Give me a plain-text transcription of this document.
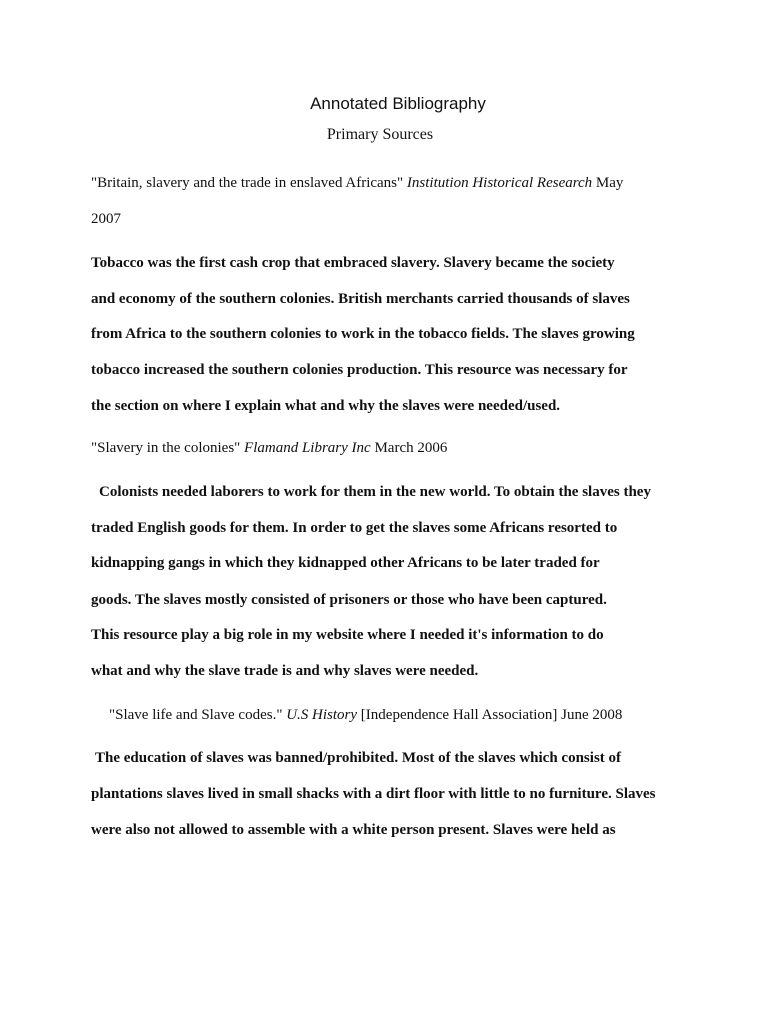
Annotated Bibliography
Primary Sources
"Britain, slavery and the trade in enslaved Africans" Institution Historical Research May
2007
Tobacco was the first cash crop that embraced slavery. Slavery became the society
and economy of the southern colonies. British merchants carried thousands of slaves
from Africa to the southern colonies to work in the tobacco fields. The slaves growing
tobacco increased the southern colonies production. This resource was necessary for
the section on where I explain what and why the slaves were needed/used.
"Slavery in the colonies" Flamand Library Inc March 2006
Colonists needed laborers to work for them in the new world. To obtain the slaves they
traded English goods for them. In order to get the slaves some Africans resorted to
kidnapping gangs in which they kidnapped other Africans to be later traded for
goods. The slaves mostly consisted of prisoners or those who have been captured.
This resource play a big role in my website where I needed it's information to do
what and why the slave trade is and why slaves were needed.
"Slave life and Slave codes." U.S History [Independence Hall Association] June 2008
The education of slaves was banned/prohibited. Most of the slaves which consist of
plantations slaves lived in small shacks with a dirt floor with little to no furniture. Slaves
were also not allowed to assemble with a white person present. Slaves were held as
